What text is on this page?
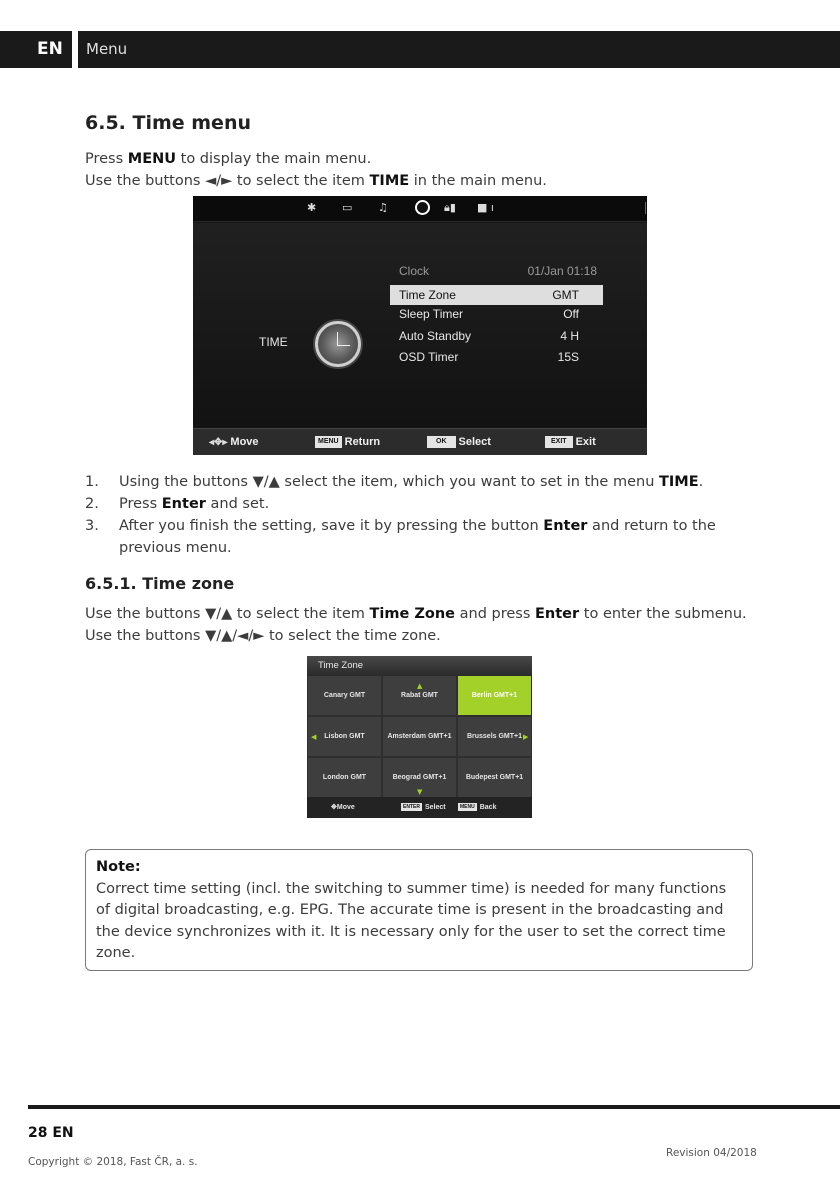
EN	Menu
6.5. Time menu
Press MENU to display the main menu.
Use the buttons ◄/► to select the item TIME in the main menu.
✱ ▭ ♫	🔒︎▮ ■ ı
TIME
Clock	01/Jan 01:18
Time Zone	GMT
Sleep Timer	Off
Auto Standby	4 H
OSD Timer	15S
◂✥▸ Move	MENU Return	OK Select	EXIT Exit
1. Using the buttons ▼/▲ select the item, which you want to set in the menu TIME.
2. Press Enter and set.
3. After you finish the setting, save it by pressing the button Enter and return to the previous menu.
6.5.1. Time zone
Use the buttons ▼/▲ to select the item Time Zone and press Enter to enter the submenu.
Use the buttons ▼/▲/◄/► to select the time zone.
Time Zone
Canary GMT	Rabat GMT	Berlin GMT+1
Lisbon GMT	Amsterdam GMT+1	Brussels GMT+1
London GMT	Beograd GMT+1	Budepest GMT+1
▲
◀	▶
▼
✥Move	ENTER Select	MENU Back
Note:
Correct time setting (incl. the switching to summer time) is needed for many functions of digital broadcasting, e.g. EPG. The accurate time is present in the broadcasting and the device synchronizes with it. It is necessary only for the user to set the correct time zone.
28 EN
Copyright © 2018, Fast ČR, a. s.
Revision 04/2018
